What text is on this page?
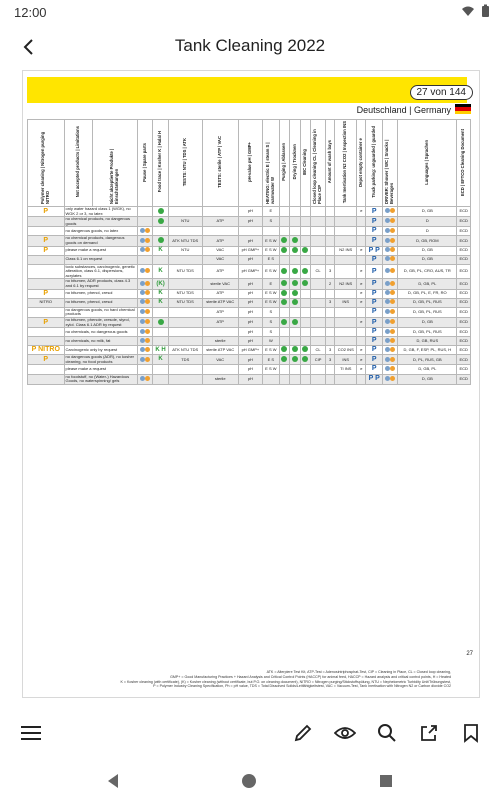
12:00
Tank Cleaning 2022
27 von 144
Deutschland | Germany
Polymer cleaning | Nitrogen purging NITRO	Not accepted products | Limitations	Nicht akzeptierte Produkte | Einschränkungen	Pause | Spare parts	Food trace | Kosher K | Halal H	TESTS: NTU | TDS | ATK	TESTS: sterile | ATP | VAC	pH-value pH | GMP+	HEATING: electric E | steam S | warmwater W	Purging | Ablassen	Drying | Trocknen	IBC Cleaning	Closed loop cleaning CL | Cleaning in Place CIP	Amount of wash bays	Tank Inertisation N2 CO2 | Inspection INS	Depot empty container e	Truck parking: unguarded | guarded	DRIVER: Shower | WC | Snacks | Beverages	Languages | Sprachen	ECD | EFTCO Cleaning Document
P	only water hazard class 1 (WGK), no WGK 2 or 3, no latex						pH	E							e	P		D, GB	ECD
	no chemical products, no dangerous goods				NTU	ATP	pH	S								P		D	ECD
	no dangerous goods, no latex															P		D	ECD
P	no chemical products, dangerous goods on demand				ATK NTU TDS	ATP	pH	E S W								P		D, GB, ROM	ECD
P	please make a request			K	NTU	VAC	pH GMP+	E S W						N2 INS	e	P P		D, GB	ECD
	Class 6.1 on request					VAC	pH	E S								P		D, GB	ECD
	toxic substances, carcinogenic, genetic alteration, class 6.1, dispersions, acrylates			K	NTU TDS	ATP	pH GMP+	E S W				CL	3		e	P		D, GB, PL, CRO, AUS, TR	ECD
	no bitumen, ADR products, class 4.3 and 6.1 by request			(K)		sterile VAC	pH	E					2	N2 INS	e	P		D, GB, PL	ECD
P	no bitumen, phenol, cresol			K	NTU TDS	ATP	pH	E S W							e	P		D, GB, PL, E, FR, RO	ECD
NITRO	no bitumen, phenol, cresol			K	NTU TDS	sterile ATP VAC	pH	E S W					3	INS	e	P		D, GB, PL, RUS	ECD
	no dangerous goods, no hard chemical products					ATP	pH	S								P		D, GB, PL, RUS	ECD
P	no bitumen, phenole, cresole, styrol, xylol. Class 6.1 ADR by request					ATP	pH	S							e	P		D, GB	ECD
	no chemicals, no dangerous goods						pH	S								P		D, GB, PL, RUS	ECD
	no chemicals, no milk, fat					sterile	pH	W								P		D, GB, RUS	ECD
P NITRO	Carcinogenic only by request			K H	ATK NTU TDS	sterile ATP VAC	pH GMP+	E S W				CL	3	CO2 INS	e	P		D, GB, F, ESP, PL, RUS, H	ECD
P	no dangerous goods (ADR), no kosher cleaning, no food products			K	TDS	VAC	pH	E S				CIP	3	INS	e	P		D, PL, RUS, GB	ECD
	please make a request						pH	E S W						TI INS	e	P		D, GB, PL	ECD
	no foodstuff, no (Water-) Hazardous Goods, no waterspinning/ gels					sterile	pH									P P		D, GB	ECD
27
ATK = Alterpiere Test Kit, ATP-Test = Adenosintriphosphat-Test, CIP = Cleaning in Place, CL = Closed loop cleaning,
GMP+ = Good Manufacturing Practices + Hazard Analysis and Critical Control Points (HACCP) for animal feed, HACCP = Hazard analysis and critical control points, H = Heated
K = Kosher cleaning (with certificate), (K) = Kosher cleaning (without certificate, but P.O. on cleaning document), NITRO = Nitrogen purging/Stickstoffspülung, NTU = Nephelometric Turbidity Unit/Trübungstest,
P = Polymer Industry Cleaning Specification, Ph = pH value, TDS = Total Dissolved Solids/Leitfähigkeitstest, VAC = Vacuum-Test, Tank Inertisation with Nitrogen N2 or Carbon dioxide CO2
